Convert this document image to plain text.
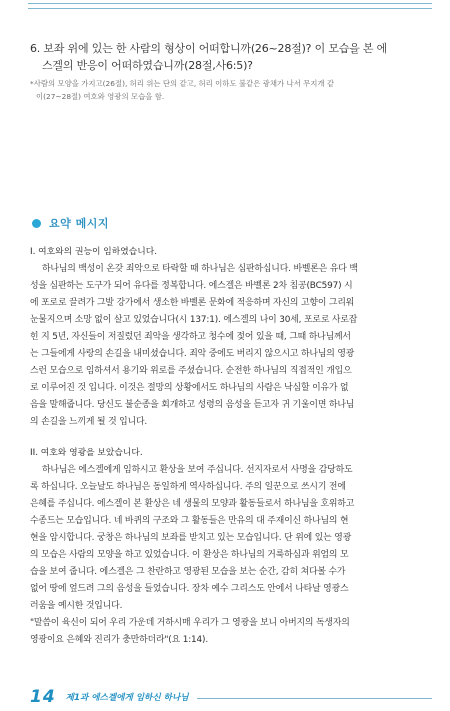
6. 보좌 위에 있는 한 사람의 형상이 어떠합니까(26~28절)? 이 모습을 본 에
스겔의 반응이 어떠하였습니까(28절,사6:5)?
*사람의 모양을 가지고(26절), 허리 위는 단의 같고, 허리 이하도 불같은 광채가 나서 무지개 같
이(27~28절) 여호와 영광의 모습을 함.
요약 메시지
I. 여호와의 권능이 임하였습니다.
하나님의 백성이 온갖 죄악으로 타락할 때 하나님은 심판하십니다. 바벨론은 유다 백
성을 심판하는 도구가 되어 유다를 정복합니다. 에스겔은 바벨론 2차 침공(BC597) 시
에 포로로 끌려가 그발 강가에서 생소한 바벨론 문화에 적응하며 자신의 고향이 그리워
눈물지으며 소망 없이 살고 있었습니다(시 137:1). 에스겔의 나이 30세, 포로로 사로잡
힌 지 5년, 자신들이 저질렀던 죄악을 생각하고 청수에 젖어 있을 때, 그때 하나님께서
는 그들에게 사랑의 손길을 내미셨습니다. 죄악 중에도 버리지 않으시고 하나님의 영광
스런 모습으로 임하셔서 용기와 위로를 주셨습니다. 순전한 하나님의 직접적인 개입으
로 이루어진 것 입니다. 이것은 절망의 상황에서도 하나님의 사람은 낙심할 이유가 없
음을 말해줍니다. 당신도 불순종을 회개하고 성령의 음성을 듣고자 귀 기울이면 하나님
의 손길을 느끼게 될 것 입니다.
II. 여호와 영광을 보았습니다.
하나님은 에스겔에게 임하시고 환상을 보여 주십니다. 선지자로서 사명을 감당하도
록 하십니다. 오늘날도 하나님은 동일하게 역사하십니다. 주의 일꾼으로 쓰시기 전에
은혜를 주십니다. 에스겔이 본 환상은 네 생물의 모양과 활동들로서 하나님을 호위하고
수종드는 모습입니다. 네 바퀴의 구조와 그 활동들은 만유의 대 주재이신 하나님의 현
현을 암시합니다. 궁창은 하나님의 보좌를 받치고 있는 모습입니다. 단 위에 있는 영광
의 모습은 사람의 모양을 하고 있었습니다. 이 환상은 하나님의 거룩하심과 위엄의 모
습을 보여 줍니다. 에스겔은 그 찬란하고 영광된 모습을 보는 순간, 감히 쳐다볼 수가
없어 땅에 엎드려 그의 음성을 들었습니다. 장차 예수 그리스도 안에서 나타날 영광스
러움을 예시한 것입니다.
"말씀이 육신이 되어 우리 가운데 거하시매 우리가 그 영광을 보니 아버지의 독생자의
영광이요 은혜와 진리가 충만하더라"(요 1:14).
14 제1과 에스겔에게 임하신 하나님
